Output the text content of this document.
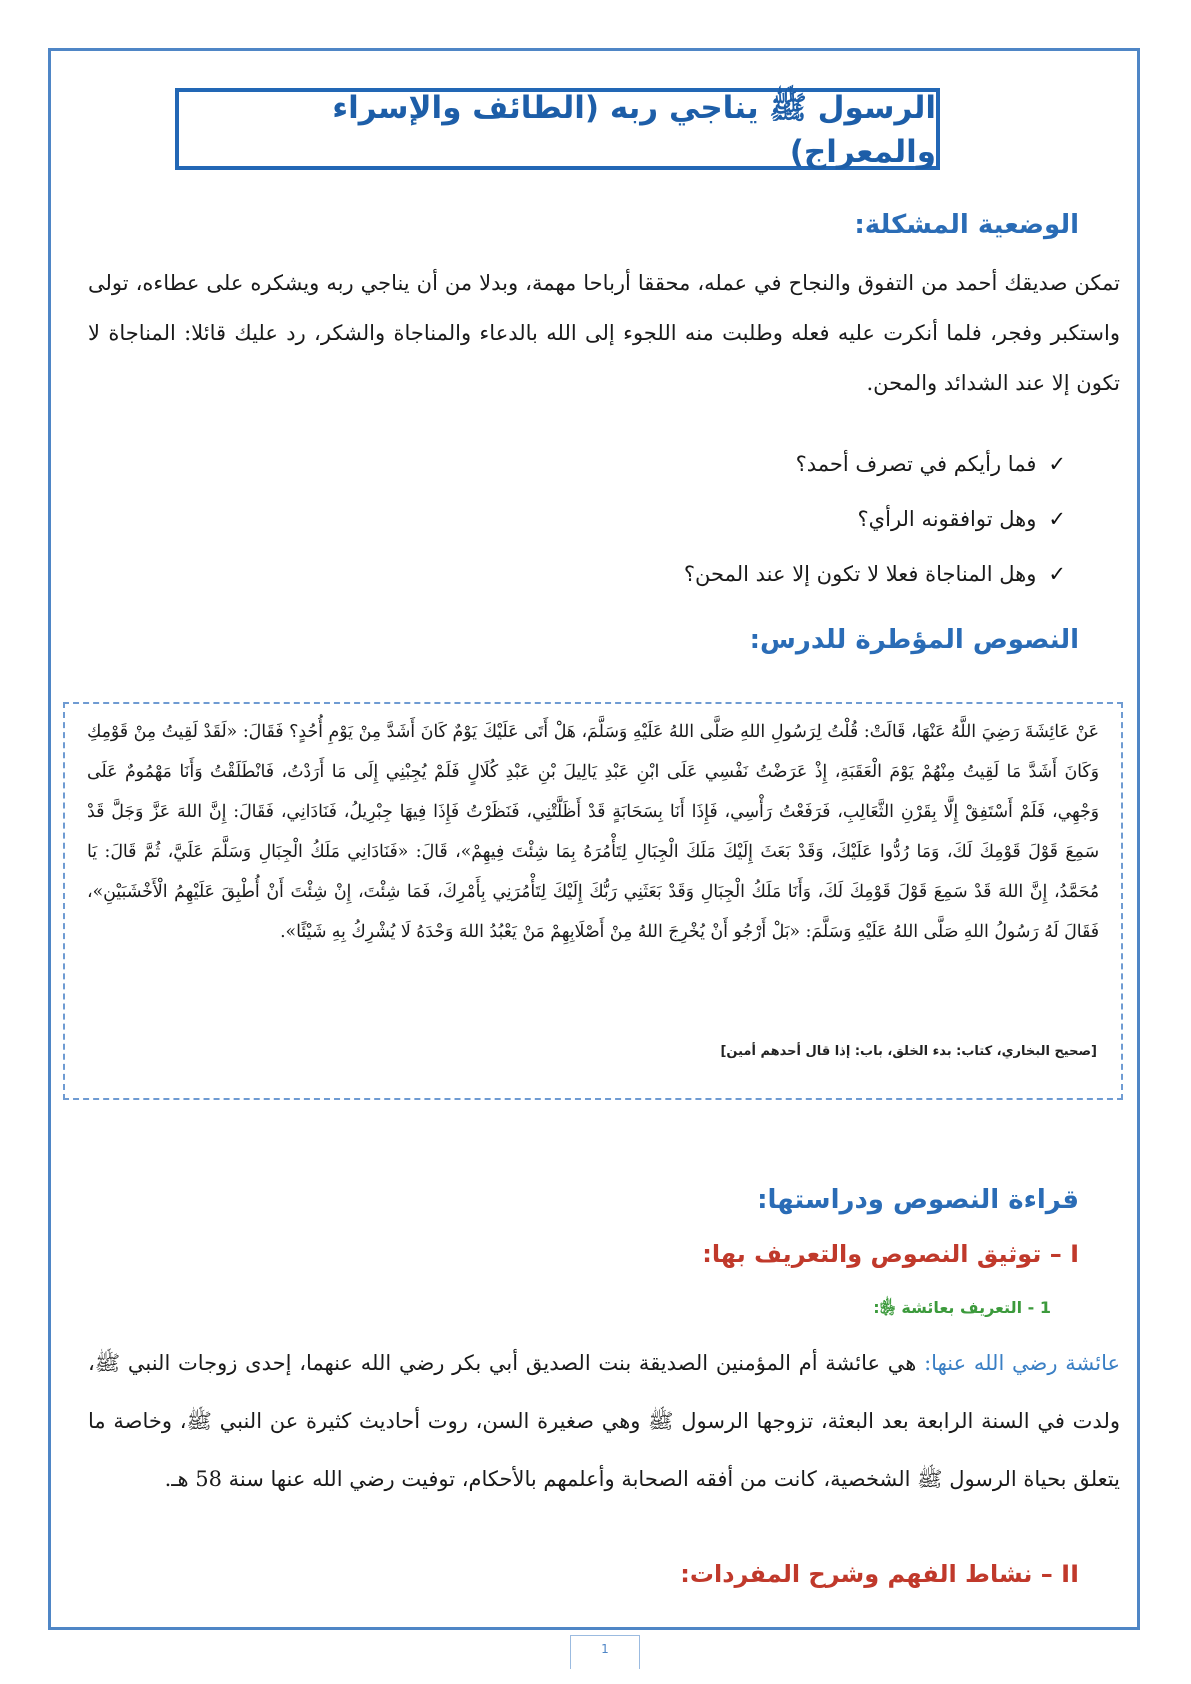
الرسول ﷺ يناجي ربه (الطائف والإسراء والمعراج)
الوضعية المشكلة:
تمكن صديقك أحمد من التفوق والنجاح في عمله، محققا أرباحا مهمة، وبدلا من أن يناجي ربه ويشكره على عطاءه، تولى واستكبر وفجر، فلما أنكرت عليه فعله وطلبت منه اللجوء إلى الله بالدعاء والمناجاة والشكر، رد عليك قائلا: المناجاة لا تكون إلا عند الشدائد والمحن.
✓فما رأيكم في تصرف أحمد؟
✓وهل توافقونه الرأي؟
✓وهل المناجاة فعلا لا تكون إلا عند المحن؟
النصوص المؤطرة للدرس:
عَنْ عَائِشَةَ رَضِيَ اللَّهُ عَنْهَا، قَالَتْ: قُلْتُ لِرَسُولِ اللهِ صَلَّى اللهُ عَلَيْهِ وَسَلَّمَ، هَلْ أَتَى عَلَيْكَ يَوْمٌ كَانَ أَشَدَّ مِنْ يَوْمِ أُحُدٍ؟ فَقَالَ: «لَقَدْ لَقِيتُ مِنْ قَوْمِكِ وَكَانَ أَشَدَّ مَا لَقِيتُ مِنْهُمْ يَوْمَ الْعَقَبَةِ، إِذْ عَرَضْتُ نَفْسِي عَلَى ابْنِ عَبْدِ يَالِيلَ بْنِ عَبْدِ كُلَالٍ فَلَمْ يُجِبْنِي إِلَى مَا أَرَدْتُ، فَانْطَلَقْتُ وَأَنَا مَهْمُومٌ عَلَى وَجْهِي، فَلَمْ أَسْتَفِقْ إِلَّا بِقَرْنِ الثَّعَالِبِ، فَرَفَعْتُ رَأْسِي، فَإِذَا أَنَا بِسَحَابَةٍ قَدْ أَظَلَّتْنِي، فَنَظَرْتُ فَإِذَا فِيهَا جِبْرِيلُ، فَنَادَانِي، فَقَالَ: إِنَّ اللهَ عَزَّ وَجَلَّ قَدْ سَمِعَ قَوْلَ قَوْمِكَ لَكَ، وَمَا رُدُّوا عَلَيْكَ، وَقَدْ بَعَثَ إِلَيْكَ مَلَكَ الْجِبَالِ لِتَأْمُرَهُ بِمَا شِئْتَ فِيهِمْ»، قَالَ: «فَنَادَانِي مَلَكُ الْجِبَالِ وَسَلَّمَ عَلَيَّ، ثُمَّ قَالَ: يَا مُحَمَّدُ، إِنَّ اللهَ قَدْ سَمِعَ قَوْلَ قَوْمِكَ لَكَ، وَأَنَا مَلَكُ الْجِبَالِ وَقَدْ بَعَثَنِي رَبُّكَ إِلَيْكَ لِتَأْمُرَنِي بِأَمْرِكَ، فَمَا شِئْتَ، إِنْ شِئْتَ أَنْ أُطْبِقَ عَلَيْهِمُ الْأَخْشَبَيْنِ»، فَقَالَ لَهُ رَسُولُ اللهِ صَلَّى اللهُ عَلَيْهِ وَسَلَّمَ: «بَلْ أَرْجُو أَنْ يُخْرِجَ اللهُ مِنْ أَصْلَابِهِمْ مَنْ يَعْبُدُ اللهَ وَحْدَهُ لَا يُشْرِكُ بِهِ شَيْئًا».
[صحيح البخاري، كتاب: بدء الخلق، باب: إذا قال أحدهم أمين]
قراءة النصوص ودراستها:
I – توثيق النصوص والتعريف بها:
1 - التعريف بعائشة ﵂:
عائشة رضي الله عنها: هي عائشة أم المؤمنين الصديقة بنت الصديق أبي بكر رضي الله عنهما، إحدى زوجات النبي ﷺ، ولدت في السنة الرابعة بعد البعثة، تزوجها الرسول ﷺ وهي صغيرة السن، روت أحاديث كثيرة عن النبي ﷺ، وخاصة ما يتعلق بحياة الرسول ﷺ الشخصية، كانت من أفقه الصحابة وأعلمهم بالأحكام، توفيت رضي الله عنها سنة 58 هـ.
II – نشاط الفهم وشرح المفردات:
1
